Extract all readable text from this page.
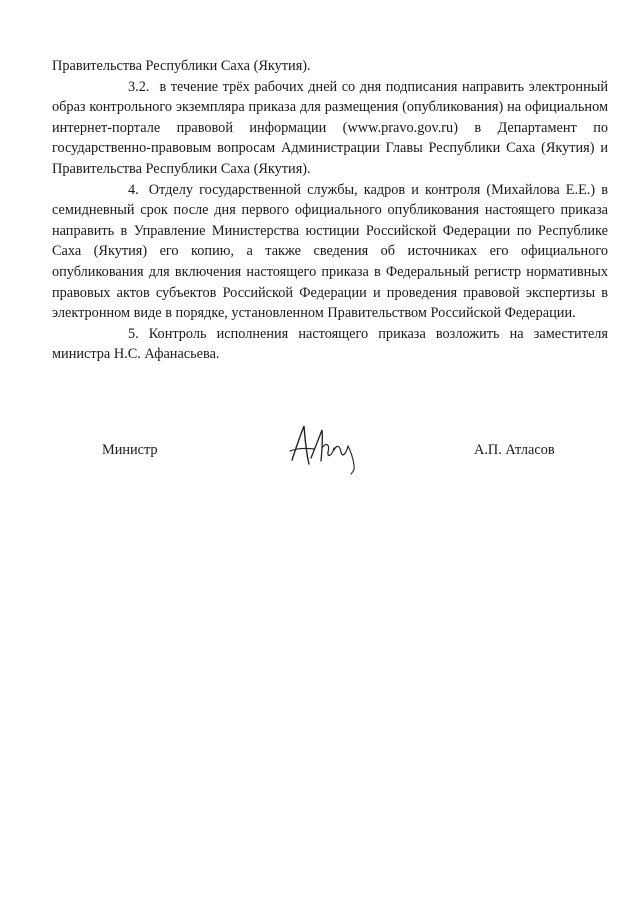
Правительства Республики Саха (Якутия).

3.2. в течение трёх рабочих дней со дня подписания направить электронный образ контрольного экземпляра приказа для размещения (опубликования) на официальном интернет-портале правовой информации (www.pravo.gov.ru) в Департамент по государственно-правовым вопросам Администрации Главы Республики Саха (Якутия) и Правительства Республики Саха (Якутия).

4. Отделу государственной службы, кадров и контроля (Михайлова Е.Е.) в семидневный срок после дня первого официального опубликования настоящего приказа направить в Управление Министерства юстиции Российской Федерации по Республике Саха (Якутия) его копию, а также сведения об источниках его официального опубликования для включения настоящего приказа в Федеральный регистр нормативных правовых актов субъектов Российской Федерации и проведения правовой экспертизы в электронном виде в порядке, установленном Правительством Российской Федерации.

5. Контроль исполнения настоящего приказа возложить на заместителя министра Н.С. Афанасьева.

Министр	А.П. Атласов
